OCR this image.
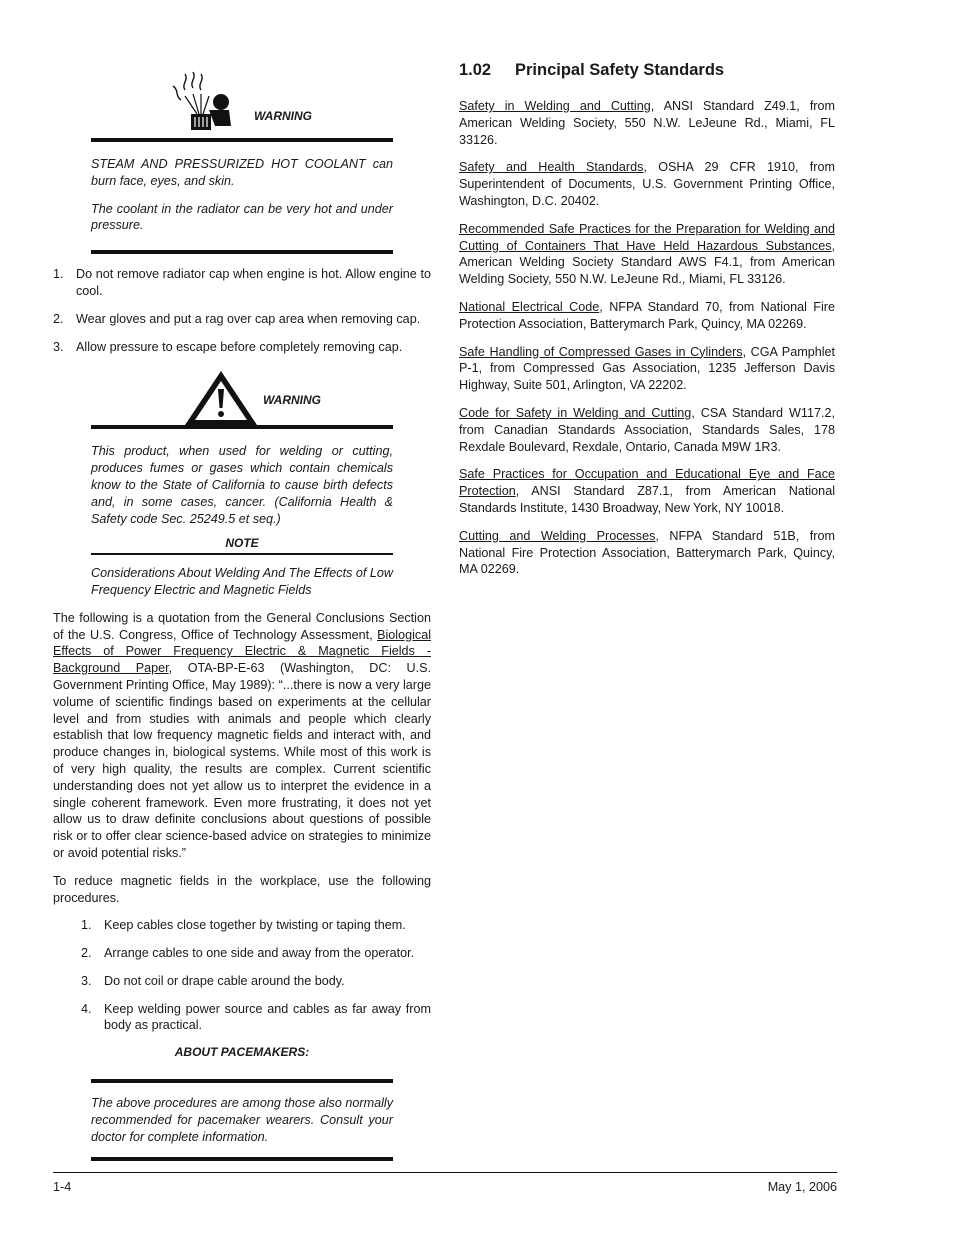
WARNING

STEAM AND PRESSURIZED HOT COOLANT can burn face, eyes, and skin.

The coolant in the radiator can be very hot and under pressure.

1. Do not remove radiator cap when engine is hot. Allow engine to cool.
2. Wear gloves and put a rag over cap area when removing cap.
3. Allow pressure to escape before completely removing cap.
WARNING

This product, when used for welding or cutting, produces fumes or gases which contain chemicals know to the State of California to cause birth defects and, in some cases, cancer. (California Health & Safety code Sec. 25249.5 et seq.)

NOTE

Considerations About Welding And The Effects of Low Frequency Electric and Magnetic Fields

The following is a quotation from the General Conclusions Section of the U.S. Congress, Office of Technology Assessment, Biological Effects of Power Frequency Electric & Magnetic Fields - Background Paper, OTA-BP-E-63 (Washington, DC: U.S. Government Printing Office, May 1989): “...there is now a very large volume of scientific findings based on experiments at the cellular level and from studies with animals and people which clearly establish that low frequency magnetic fields and interact with, and produce changes in, biological systems. While most of this work is of very high quality, the results are complex. Current scientific understanding does not yet allow us to interpret the evidence in a single coherent framework. Even more frustrating, it does not yet allow us to draw definite conclusions about questions of possible risk or to offer clear science-based advice on strategies to minimize or avoid potential risks.”

To reduce magnetic fields in the workplace, use the following procedures.

1. Keep cables close together by twisting or taping them.
2. Arrange cables to one side and away from the operator.
3. Do not coil or drape cable around the body.
4. Keep welding power source and cables as far away from body as practical.
ABOUT PACEMAKERS:

The above procedures are among those also normally recommended for pacemaker wearers. Consult your doctor for complete information.

1.02 Principal Safety Standards

Safety in Welding and Cutting, ANSI Standard Z49.1, from American Welding Society, 550 N.W. LeJeune Rd., Miami, FL 33126.

Safety and Health Standards, OSHA 29 CFR 1910, from Superintendent of Documents, U.S. Government Printing Office, Washington, D.C. 20402.

Recommended Safe Practices for the Preparation for Welding and Cutting of Containers That Have Held Hazardous Substances, American Welding Society Standard AWS F4.1, from American Welding Society, 550 N.W. LeJeune Rd., Miami, FL 33126.

National Electrical Code, NFPA Standard 70, from National Fire Protection Association, Batterymarch Park, Quincy, MA 02269.

Safe Handling of Compressed Gases in Cylinders, CGA Pamphlet P-1, from Compressed Gas Association, 1235 Jefferson Davis Highway, Suite 501, Arlington, VA 22202.

Code for Safety in Welding and Cutting, CSA Standard W117.2, from Canadian Standards Association, Standards Sales, 178 Rexdale Boulevard, Rexdale, Ontario, Canada M9W 1R3.

Safe Practices for Occupation and Educational Eye and Face Protection, ANSI Standard Z87.1, from American National Standards Institute, 1430 Broadway, New York, NY 10018.

Cutting and Welding Processes, NFPA Standard 51B, from National Fire Protection Association, Batterymarch Park, Quincy, MA 02269.

1-4	May 1, 2006
